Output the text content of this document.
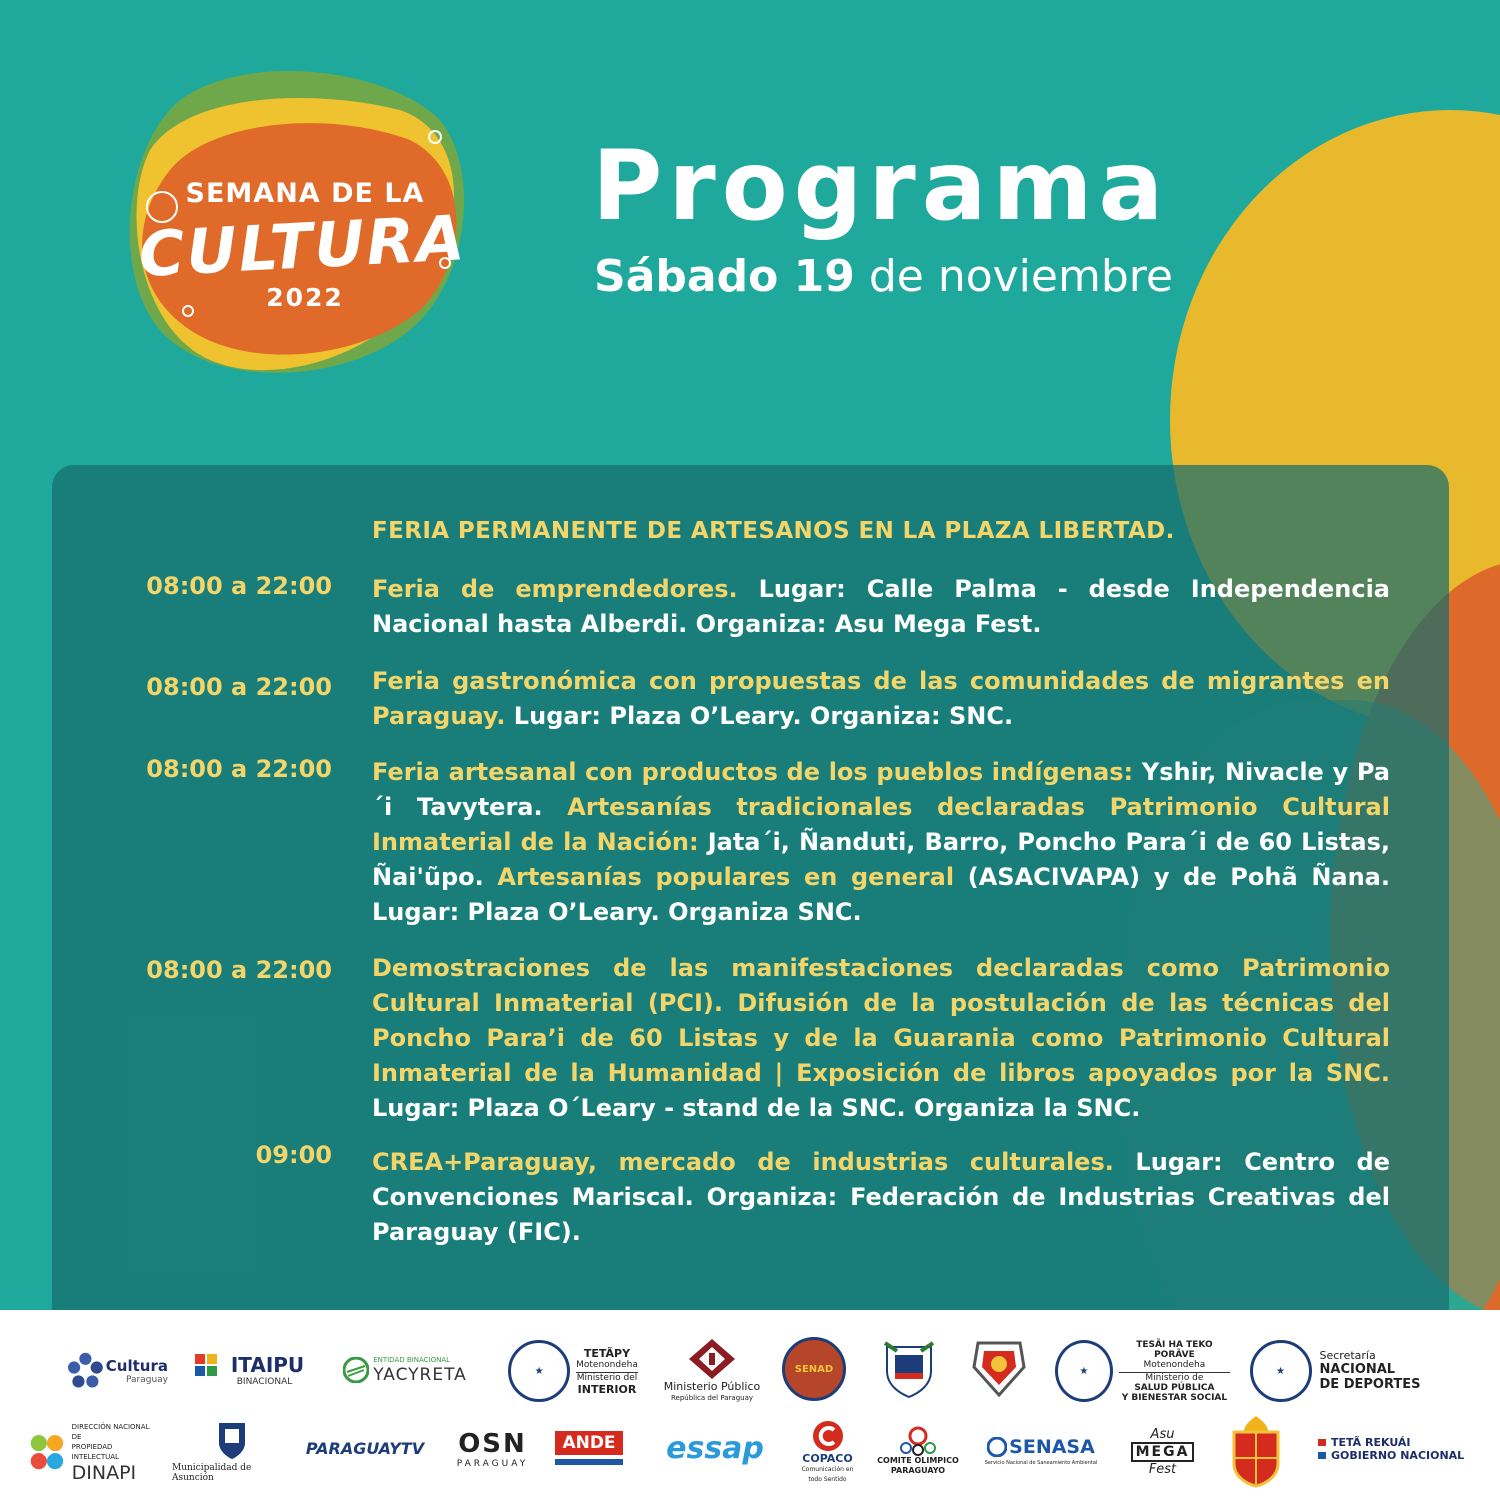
SEMANA DE LA
CULTURA
2022
Programa
Sábado 19 de noviembre
FERIA PERMANENTE DE ARTESANOS EN LA PLAZA LIBERTAD.
08:00 a 22:00 Feria de emprendedores. Lugar: Calle Palma - desde Independencia Nacional hasta Alberdi. Organiza: Asu Mega Fest.
08:00 a 22:00 Feria gastronómica con propuestas de las comunidades de migrantes en Paraguay. Lugar: Plaza O’Leary. Organiza: SNC.
08:00 a 22:00 Feria artesanal con productos de los pueblos indígenas: Yshir, Nivacle y Pa´i Tavytera. Artesanías tradicionales declaradas Patrimonio Cultural Inmaterial de la Nación: Jata´i, Ñanduti, Barro, Poncho Para´i de 60 Listas, Ñai'ũpo. Artesanías populares en general (ASACIVAPA) y de Pohã Ñana. Lugar: Plaza O’Leary. Organiza SNC.
08:00 a 22:00 Demostraciones de las manifestaciones declaradas como Patrimonio Cultural Inmaterial (PCI). Difusión de la postulación de las técnicas del Poncho Para’i de 60 Listas y de la Guarania como Patrimonio Cultural Inmaterial de la Humanidad | Exposición de libros apoyados por la SNC. Lugar: Plaza O´Leary - stand de la SNC. Organiza la SNC.
09:00 CREA+Paraguay, mercado de industrias culturales. Lugar: Centro de Convenciones Mariscal. Organiza: Federación de Industrias Creativas del Paraguay (FIC).
Cultura
Paraguay
ITAIPU
BINACIONAL
ENTIDAD BINACIONAL
YACYRETA	★
TETÃPY
Motenondeha
Ministerio del
INTERIOR Ministerio Público
República del Paraguay
SENAD	★
TESÃI HA TEKO PORÃVE
Motenondeha
Ministerio de
SALUD PÚBLICA
Y BIENESTAR SOCIAL
★
Secretaría
NACIONAL
DE DEPORTES
DIRECCIÓN NACIONAL DE
PROPIEDAD INTELECTUAL
DINAPI	Municipalidad de Asunción
PARAGUAYTV OSN
PARAGUAY
ANDE essap	COPACO
Comunicación en todo Sentido
COMITE OLIMPICO
PARAGUAYO
SENASA
Servicio Nacional de Saneamiento Ambiental
Asu
MEGA
Fest
TETÃ REKUÁI
GOBIERNO NACIONAL
